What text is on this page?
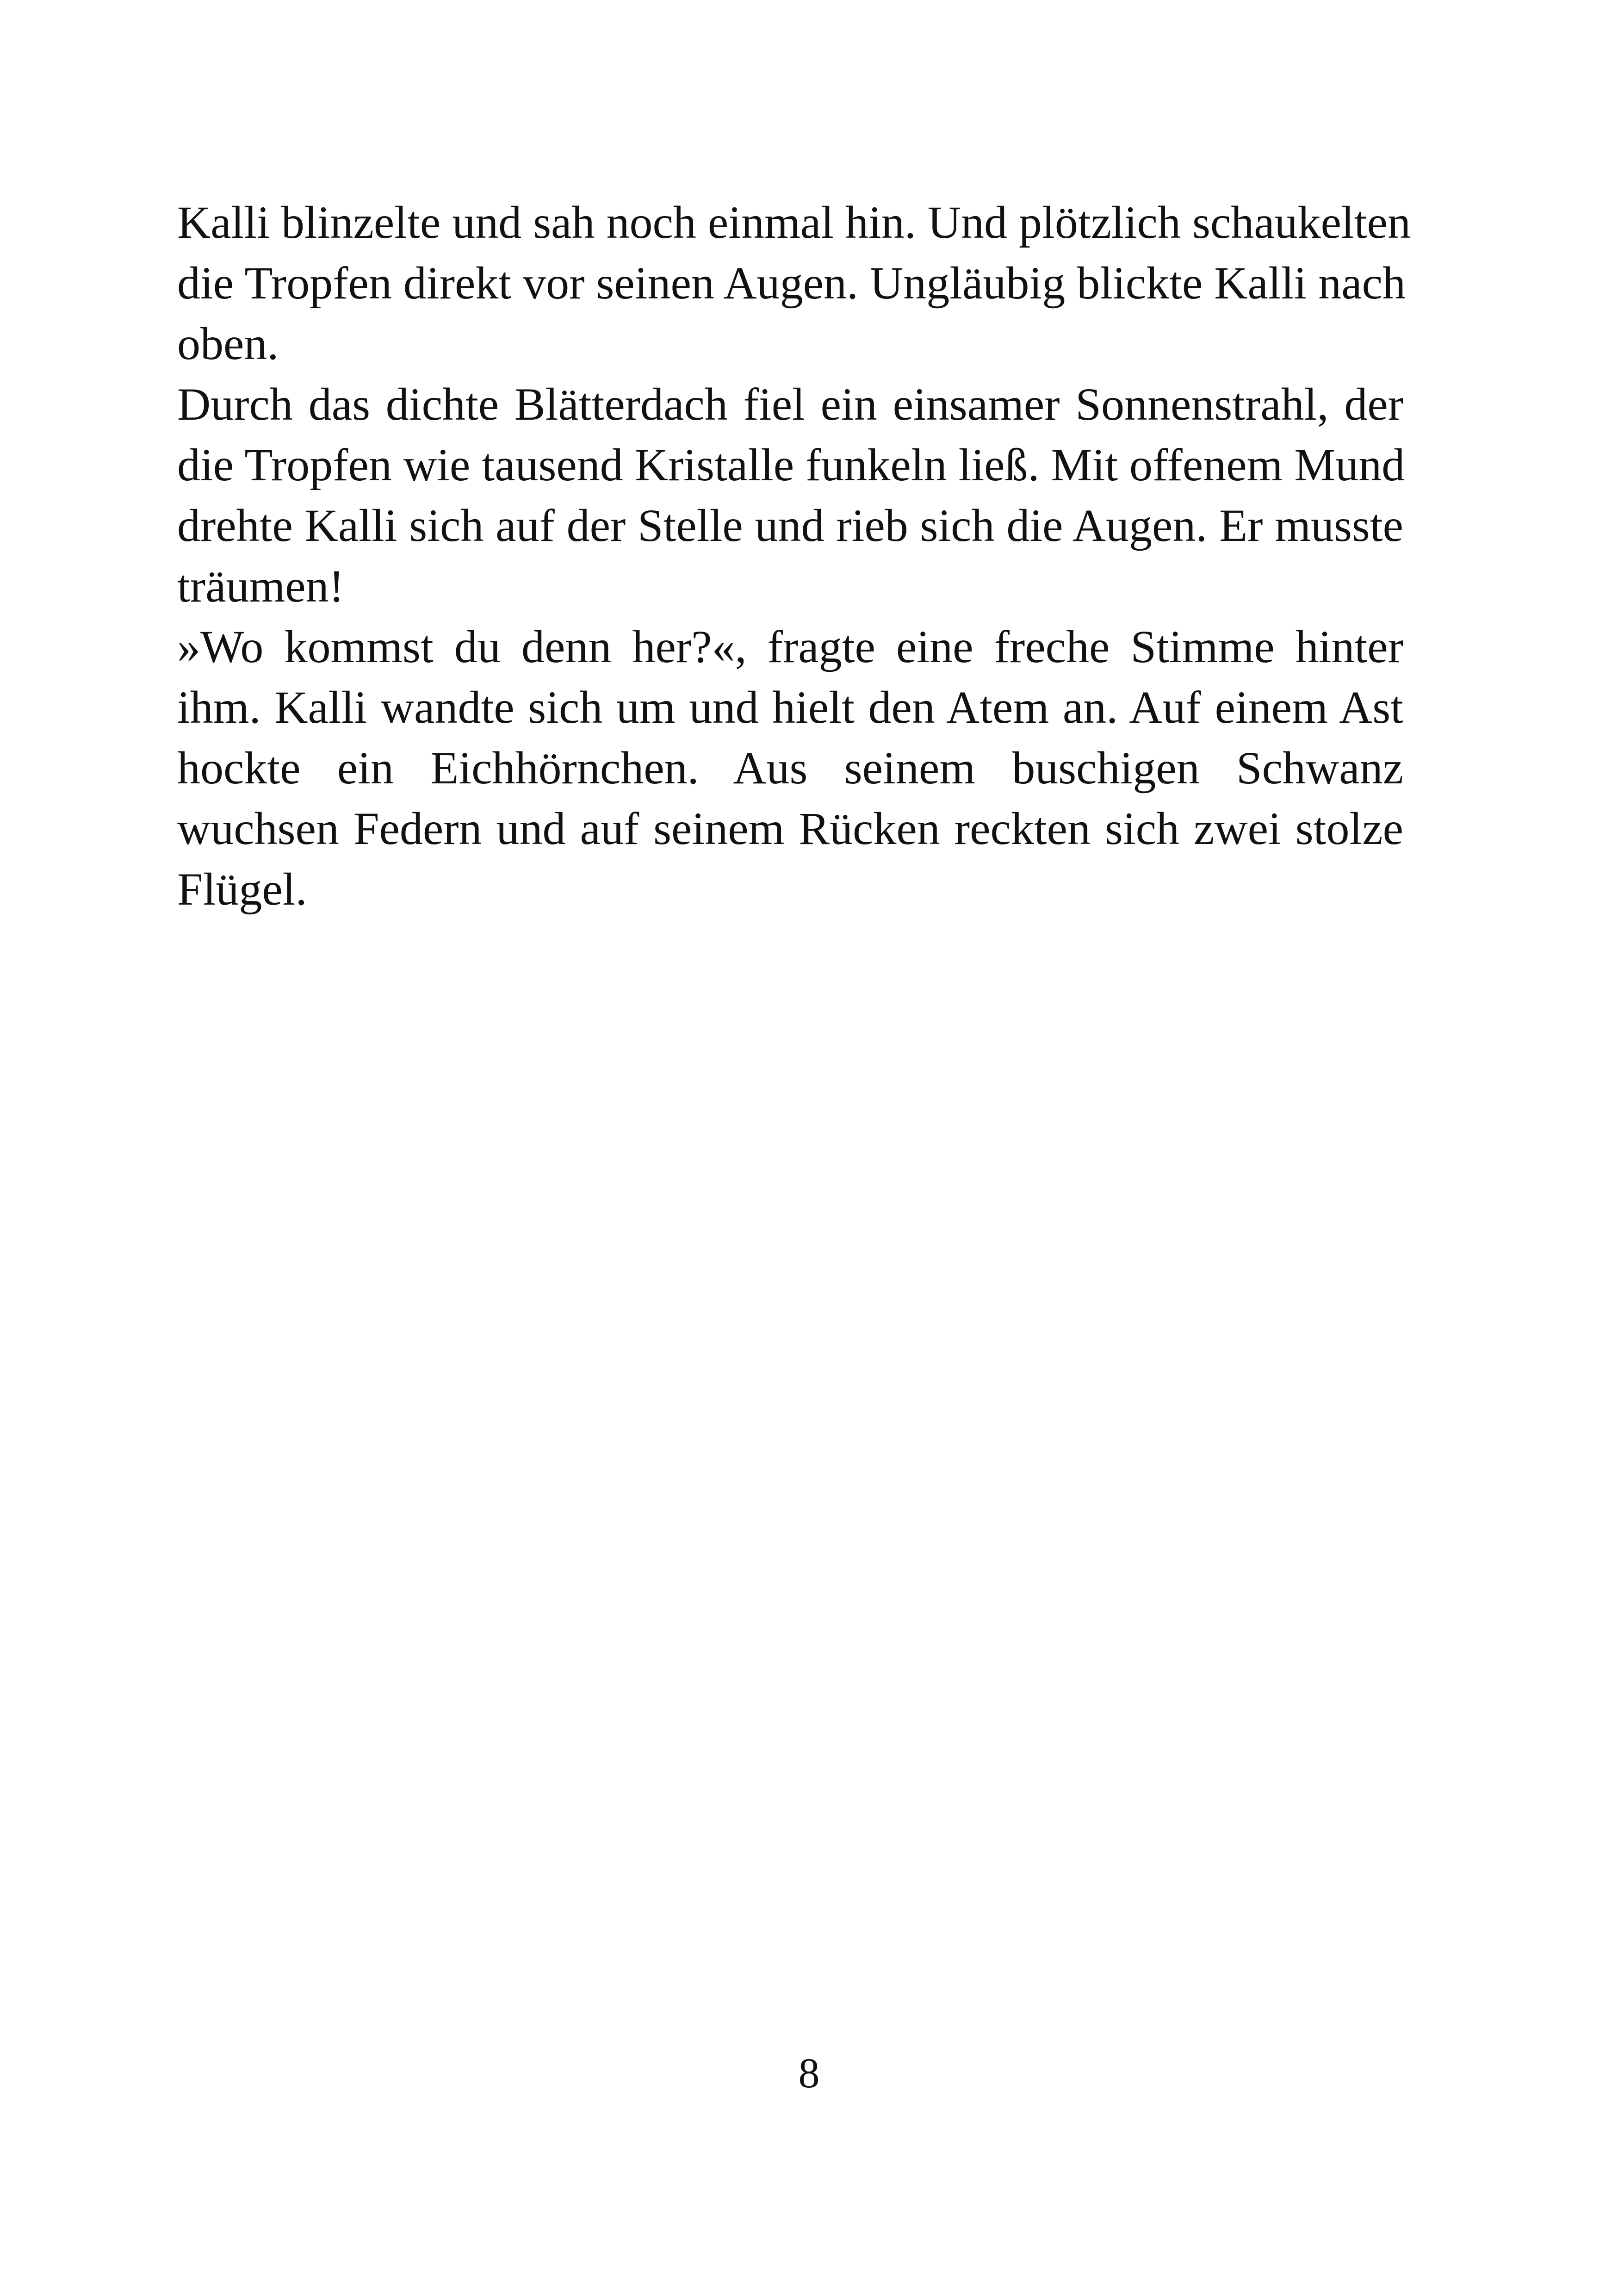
Kalli blinzelte und sah noch einmal hin. Und plötzlich schaukelten
die Tropfen direkt vor seinen Augen. Ungläubig blickte Kalli nach
oben.

Durch das dichte Blätterdach fiel ein einsamer Sonnenstrahl, der
die Tropfen wie tausend Kristalle funkeln ließ. Mit offenem Mund
drehte Kalli sich auf der Stelle und rieb sich die Augen. Er musste
träumen!

»Wo kommst du denn her?«, fragte eine freche Stimme hinter
ihm. Kalli wandte sich um und hielt den Atem an. Auf einem Ast
hockte ein Eichhörnchen. Aus seinem buschigen Schwanz
wuchsen Federn und auf seinem Rücken reckten sich zwei stolze
Flügel.

8
